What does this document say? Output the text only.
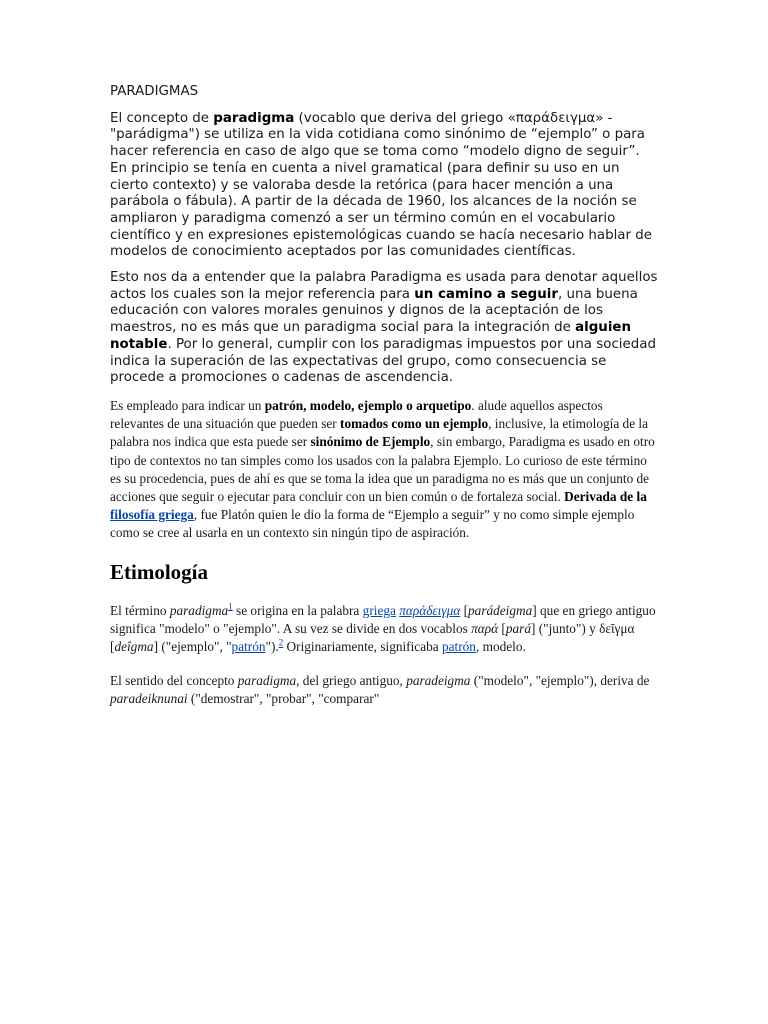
PARADIGMAS

El concepto de paradigma (vocablo que deriva del griego «παράδειγμα» - "parádigma") se utiliza en la vida cotidiana como sinónimo de “ejemplo” o para hacer referencia en caso de algo que se toma como “modelo digno de seguir”. En principio se tenía en cuenta a nivel gramatical (para definir su uso en un cierto contexto) y se valoraba desde la retórica (para hacer mención a una parábola o fábula). A partir de la década de 1960, los alcances de la noción se ampliaron y paradigma comenzó a ser un término común en el vocabulario científico y en expresiones epistemológicas cuando se hacía necesario hablar de modelos de conocimiento aceptados por las comunidades científicas.

Esto nos da a entender que la palabra Paradigma es usada para denotar aquellos actos los cuales son la mejor referencia para un camino a seguir, una buena educación con valores morales genuinos y dignos de la aceptación de los maestros, no es más que un paradigma social para la integración de alguien notable. Por lo general, cumplir con los paradigmas impuestos por una sociedad indica la superación de las expectativas del grupo, como consecuencia se procede a promociones o cadenas de ascendencia.

Es empleado para indicar un patrón, modelo, ejemplo o arquetipo. alude aquellos aspectos relevantes de una situación que pueden ser tomados como un ejemplo, inclusive, la etimología de la palabra nos indica que esta puede ser sinónimo de Ejemplo, sin embargo, Paradigma es usado en otro tipo de contextos no tan simples como los usados con la palabra Ejemplo. Lo curioso de este término es su procedencia, pues de ahí es que se toma la idea que un paradigma no es más que un conjunto de acciones que seguir o ejecutar para concluir con un bien común o de fortaleza social. Derivada de la filosofía griega, fue Platón quien le dio la forma de “Ejemplo a seguir” y no como simple ejemplo como se cree al usarla en un contexto sin ningún tipo de aspiración.

Etimología

El término paradigma$^1$ se origina en la palabra griega παράδειγμα [parádeigma] que en griego antiguo significa "modelo" o "ejemplo". A su vez se divide en dos vocablos παρά [pará] ("junto") y δεῖγμα [deîgma] ("ejemplo", "patrón").$^2$ Originariamente, significaba patrón, modelo.

El sentido del concepto paradigma, del griego antiguo, paradeigma ("modelo", "ejemplo"), deriva de paradeiknunai ("demostrar", "probar", "comparar"
